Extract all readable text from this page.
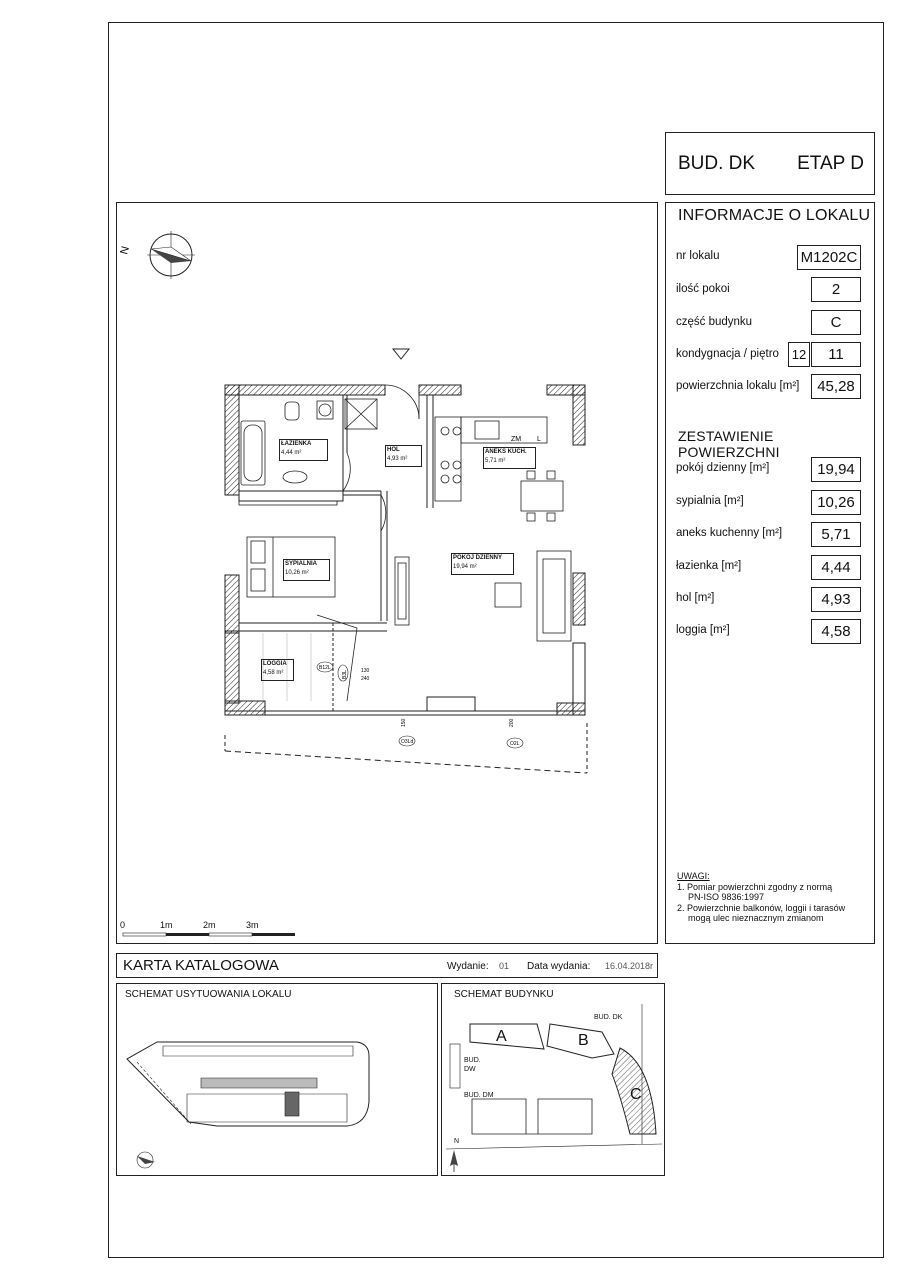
BUD. DK ETAP D
INFORMACJE O LOKALU
nr lokalu	M1202C
ilość pokoi	2
część budynku	C
kondygnacja / piętro 12	11
powierzchnia lokalu [m²]	45,28
ZESTAWIENIE POWIERZCHNI
pokój dzienny [m²]	19,94
sypialnia [m²]	10,26
aneks kuchenny [m²]	5,71
łazienka [m²]	4,44
hol [m²]	4,93
loggia [m²]	4,58
UWAGI:
1. Pomiar powierzchni zgodny z normą
PN-ISO 9836:1997
2. Powierzchnie balkonów, loggii i tarasów
mogą ulec nieznacznym zmianom
N
ZM L
O3Ld	O2L
B12L
B3L	130
240
150	200
ŁAZIENKA
4,44 m²	HOL
4,93 m²
ANEKS KUCH.
5,71 m²
SYPIALNIA
10,26 m²
POKÓJ DZIENNY
19,94 m²
LOGGIA
4,58 m²
0	1m	2m	3m
KARTA KATALOGOWA	Wydanie: 01 Data wydania: 16.04.2018r
SCHEMAT USYTUOWANIA LOKALU	SCHEMAT BUDYNKU
A	B
C
BUD. DK
BUD. DW
BUD. DM
N
